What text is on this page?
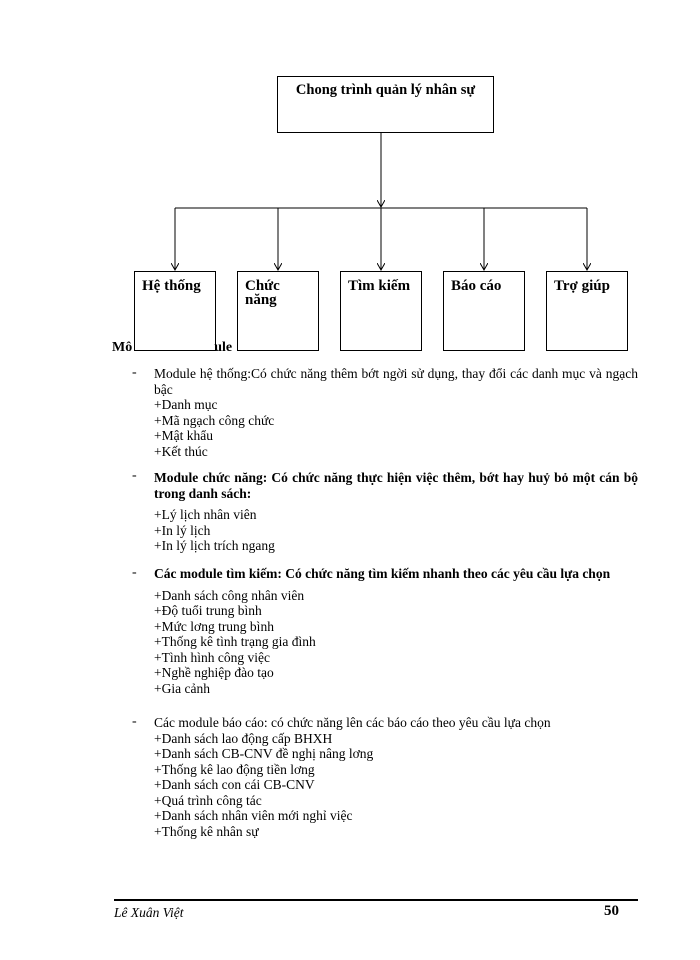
Chong trình quản lý nhân sự
Hệ thống	Chức năng
Tìm kiếm	Báo cáo	Trợ giúp
Mô	ule
- Module hệ thống:Có chức năng thêm bớt ngời sử dụng, thay đổi các danh mục và ngạch bậc
+Danh mục
+Mã ngạch công chức
+Mật khẩu
+Kết thúc
- Module chức năng: Có chức năng thực hiện việc thêm, bớt hay huỷ bỏ một cán bộ trong danh sách:
+Lý lịch nhân viên
+In lý lịch
+In lý lịch trích ngang
- Các module tìm kiếm: Có chức năng tìm kiếm nhanh theo các yêu cầu lựa chọn
+Danh sách công nhân viên
+Độ tuổi trung bình
+Mức lơng trung bình
+Thống kê tình trạng gia đình
+Tình hình công việc
+Nghề nghiệp đào tạo
+Gia cảnh
- Các module báo cáo: có chức năng lên các báo cáo theo yêu cầu lựa chọn
+Danh sách lao động cấp BHXH
+Danh sách CB-CNV đề nghị nâng lơng
+Thống kê lao động tiền lơng
+Danh sách con cái CB-CNV
+Quá trình công tác
+Danh sách nhân viên mới nghỉ việc
+Thống kê nhân sự
Lê Xuân Việt	50
